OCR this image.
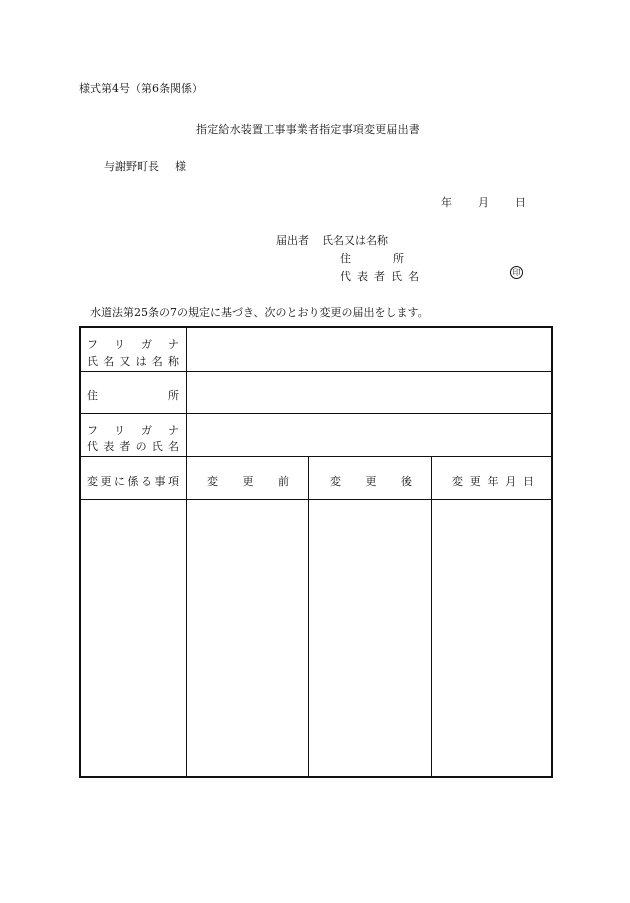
様式第4号（第6条関係）
指定給水装置工事事業者指定事項変更届出書
与謝野町長 様
年 月 日
届出者 氏名又は名称
住	所
代表者氏名	印
水道法第25条の7の規定に基づき、次のとおり変更の届出をします。
フ リ ガ ナ
氏 名 又 は 名 称
住	所
フ リ ガ ナ
代 表 者 の 氏 名
変 更 に 係 る 事 項	変 更 前	変 更 後	変 更 年 月 日
